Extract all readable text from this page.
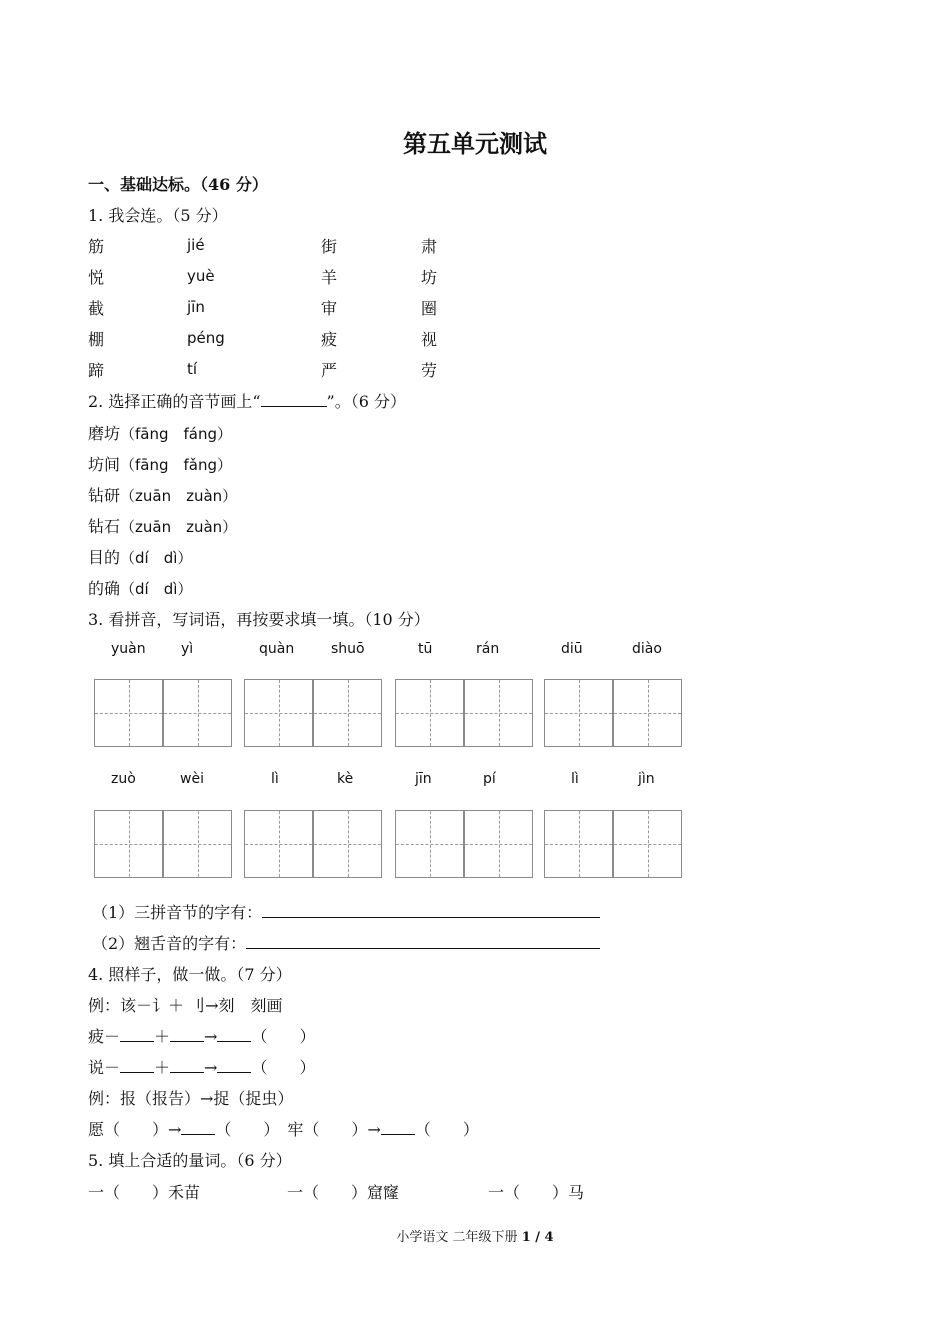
第五单元测试
一、基础达标。（46 分）
1. 我会连。（5 分）
筋	jié	街	肃
悦	yuè	羊	坊
截	jīn	审	圈
棚	péng	疲	视
蹄	tí	严	劳
2. 选择正确的音节画上“	”。（6 分）
磨坊（fāng　fáng）
坊间（fāng　fǎng）
钻研（zuān　zuàn）
钻石（zuān　zuàn）
目的（dí　dì）
的确（dí　dì）
3. 看拼音，写词语，再按要求填一填。（10 分）
yuàn	yì	quàn	shuō	tū	rán	diū	diào
zuò	wèi	lì	kè	jīn	pí	lì	jìn
（1）三拼音节的字有：
（2）翘舌音的字有：
4. 照样子，做一做。（7 分）
例：该－讠＋ 刂→刻　刻画
疲－ ＋ → （　　）
说－ ＋ → （　　）
例：报（报告）→捉（捉虫）
愿（　　）→ （　　）　牢（　　）→ （　　）
5. 填上合适的量词。（6 分）
一（　　）禾苗	一（　　）窟窿	一（　　）马
小学语文 二年级下册 1 / 4
